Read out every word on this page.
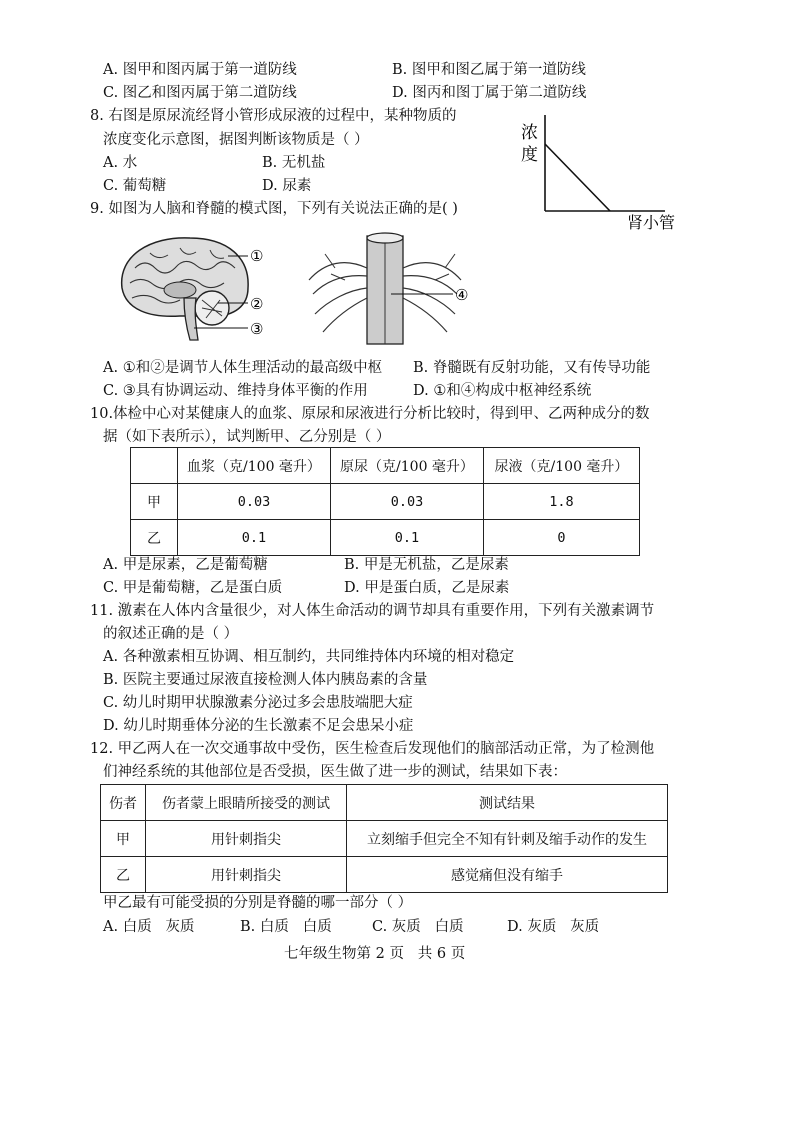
A. 图甲和图丙属于第一道防线	B. 图甲和图乙属于第一道防线
C. 图乙和图丙属于第二道防线	D. 图丙和图丁属于第二道防线
8. 右图是原尿流经肾小管形成尿液的过程中，某种物质的
浓度变化示意图，据图判断该物质是（ ）
A. 水	B. 无机盐
C. 葡萄糖	D. 尿素
浓
度
肾小管
9. 如图为人脑和脊髓的模式图，下列有关说法正确的是( )
①
②
③
④
A. ①和②是调节人体生理活动的最高级中枢 B. 脊髓既有反射功能，又有传导功能
C. ③具有协调运动、维持身体平衡的作用	D. ①和④构成中枢神经系统
10.体检中心对某健康人的血浆、原尿和尿液进行分析比较时，得到甲、乙两种成分的数
据（如下表所示），试判断甲、乙分别是（ ）
	血浆（克/100 毫升）	原尿（克/100 毫升）	尿液（克/100 毫升）
甲	0.03	0.03	1.8
乙	0.1	0.1	0
A. 甲是尿素，乙是葡萄糖	B. 甲是无机盐，乙是尿素
C. 甲是葡萄糖，乙是蛋白质	D. 甲是蛋白质，乙是尿素
11. 激素在人体内含量很少，对人体生命活动的调节却具有重要作用，下列有关激素调节
的叙述正确的是（ ）
A. 各种激素相互协调、相互制约，共同维持体内环境的相对稳定
B. 医院主要通过尿液直接检测人体内胰岛素的含量
C. 幼儿时期甲状腺激素分泌过多会患肢端肥大症
D. 幼儿时期垂体分泌的生长激素不足会患呆小症
12. 甲乙两人在一次交通事故中受伤，医生检查后发现他们的脑部活动正常，为了检测他
们神经系统的其他部位是否受损，医生做了进一步的测试，结果如下表：
伤者	伤者蒙上眼睛所接受的测试	测试结果
甲	用针刺指尖	立刻缩手但完全不知有针刺及缩手动作的发生
乙	用针刺指尖	感觉痛但没有缩手
甲乙最有可能受损的分别是脊髓的哪一部分（ ）
A. 白质   灰质	B. 白质   白质	C. 灰质   白质	D. 灰质   灰质
七年级生物第 2 页   共 6 页
